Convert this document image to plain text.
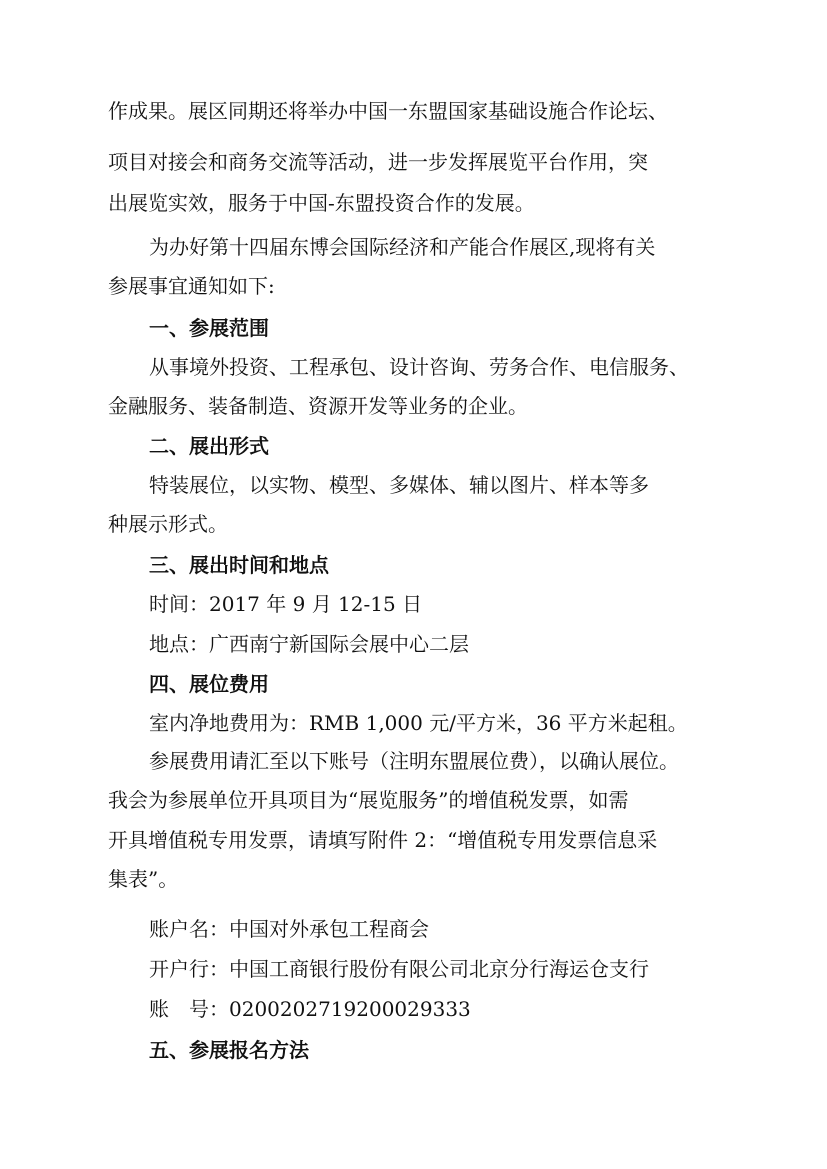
作成果。展区同期还将举办中国一东盟国家基础设施合作论坛、
项目对接会和商务交流等活动，进一步发挥展览平台作用，突
出展览实效，服务于中国-东盟投资合作的发展。
为办好第十四届东博会国际经济和产能合作展区,现将有关
参展事宜通知如下:
一、参展范围
从事境外投资、工程承包、设计咨询、劳务合作、电信服务、
金融服务、装备制造、资源开发等业务的企业。
二、展出形式
特装展位，以实物、模型、多媒体、辅以图片、样本等多
种展示形式。
三、展出时间和地点
时间：2017 年 9 月 12-15 日
地点：广西南宁新国际会展中心二层
四、展位费用
室内净地费用为：RMB 1,000 元/平方米，36 平方米起租。
参展费用请汇至以下账号（注明东盟展位费），以确认展位。
我会为参展单位开具项目为“展览服务”的增值税发票，如需
开具增值税专用发票，请填写附件 2：“增值税专用发票信息采
集表”。
账户名：中国对外承包工程商会
开户行：中国工商银行股份有限公司北京分行海运仓支行
账　号：0200202719200029333
五、参展报名方法
